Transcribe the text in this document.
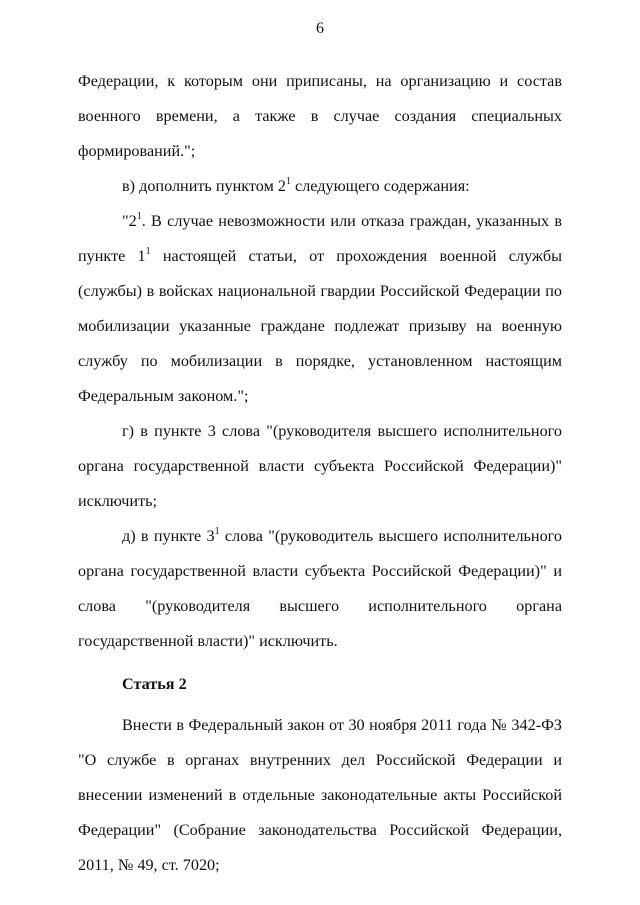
6

Федерации, к которым они приписаны, на организацию и состав военного времени, а также в случае создания специальных формирований.";

в) дополнить пунктом $2^1$ следующего содержания:

"$2^1$. В случае невозможности или отказа граждан, указанных в пункте $1^1$ настоящей статьи, от прохождения военной службы (службы) в войсках национальной гвардии Российской Федерации по мобилизации указанные граждане подлежат призыву на военную службу по мобилизации в порядке, установленном настоящим Федеральным законом.";

г) в пункте 3 слова "(руководителя высшего исполнительного органа государственной власти субъекта Российской Федерации)" исключить;

д) в пункте $3^1$ слова "(руководитель высшего исполнительного органа государственной власти субъекта Российской Федерации)" и слова "(руководителя высшего исполнительного органа государственной власти)" исключить.

Статья 2

Внести в Федеральный закон от 30 ноября 2011 года № 342-ФЗ "О службе в органах внутренних дел Российской Федерации и внесении изменений в отдельные законодательные акты Российской Федерации" (Собрание законодательства Российской Федерации, 2011, № 49, ст. 7020;
